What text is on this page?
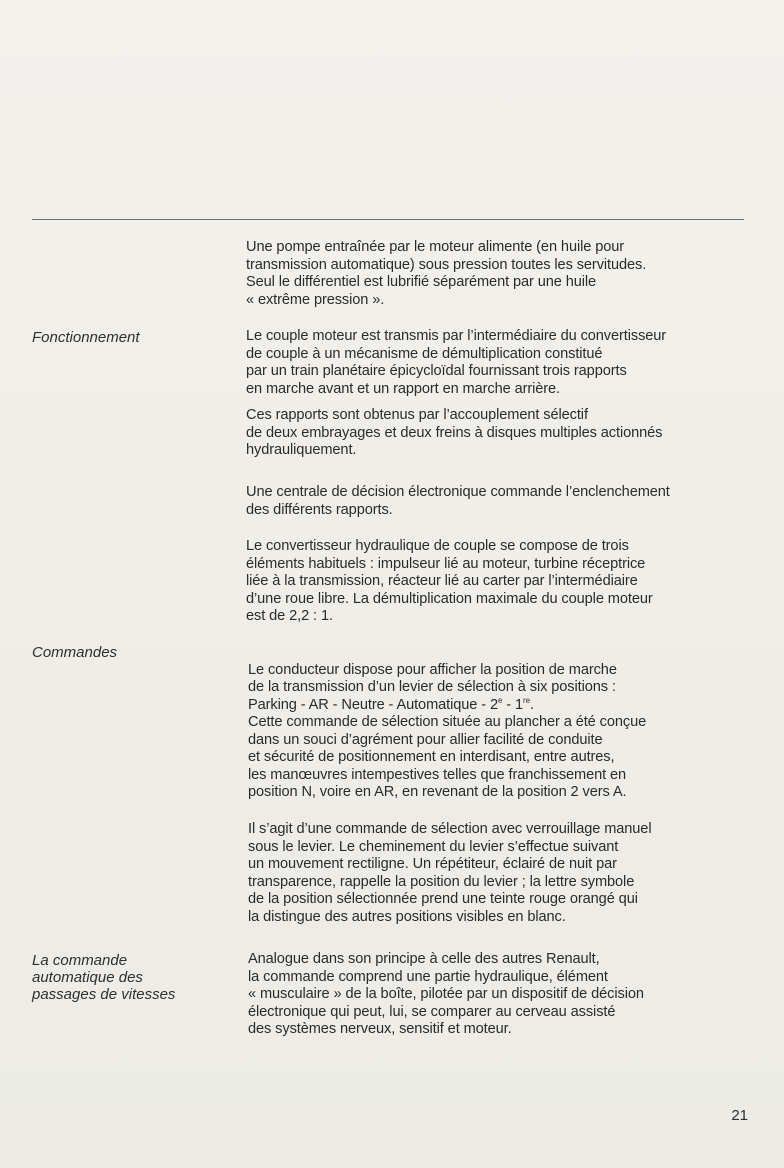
Une pompe entraînée par le moteur alimente (en huile pour
transmission automatique) sous pression toutes les servitudes.
Seul le différentiel est lubrifié séparément par une huile
« extrême pression ».
Fonctionnement	Le couple moteur est transmis par l’intermédiaire du convertisseur
de couple à un mécanisme de démultiplication constitué
par un train planétaire épicycloïdal fournissant trois rapports
en marche avant et un rapport en marche arrière.
Ces rapports sont obtenus par l’accouplement sélectif
de deux embrayages et deux freins à disques multiples actionnés
hydrauliquement.
Une centrale de décision électronique commande l’enclenchement
des différents rapports.
Le convertisseur hydraulique de couple se compose de trois
éléments habituels : impulseur lié au moteur, turbine réceptrice
liée à la transmission, réacteur lié au carter par l’intermédiaire
d’une roue libre. La démultiplication maximale du couple moteur
est de 2,2 : 1.
Commandes

Le conducteur dispose pour afficher la position de marche
de la transmission d’un levier de sélection à six positions :
Parking - AR - Neutre - Automatique - 2e - 1re.

Cette commande de sélection située au plancher a été conçue
dans un souci d’agrément pour allier facilité de conduite
et sécurité de positionnement en interdisant, entre autres,
les manœuvres intempestives telles que franchissement en
position N, voire en AR, en revenant de la position 2 vers A.
Il s’agit d’une commande de sélection avec verrouillage manuel
sous le levier. Le cheminement du levier s’effectue suivant
un mouvement rectiligne. Un répétiteur, éclairé de nuit par
transparence, rappelle la position du levier ; la lettre symbole
de la position sélectionnée prend une teinte rouge orangé qui
la distingue des autres positions visibles en blanc.
La commande
automatique des
passages de vitesses
Analogue dans son principe à celle des autres Renault,
la commande comprend une partie hydraulique, élément
« musculaire » de la boîte, pilotée par un dispositif de décision
électronique qui peut, lui, se comparer au cerveau assisté
des systèmes nerveux, sensitif et moteur.
21
